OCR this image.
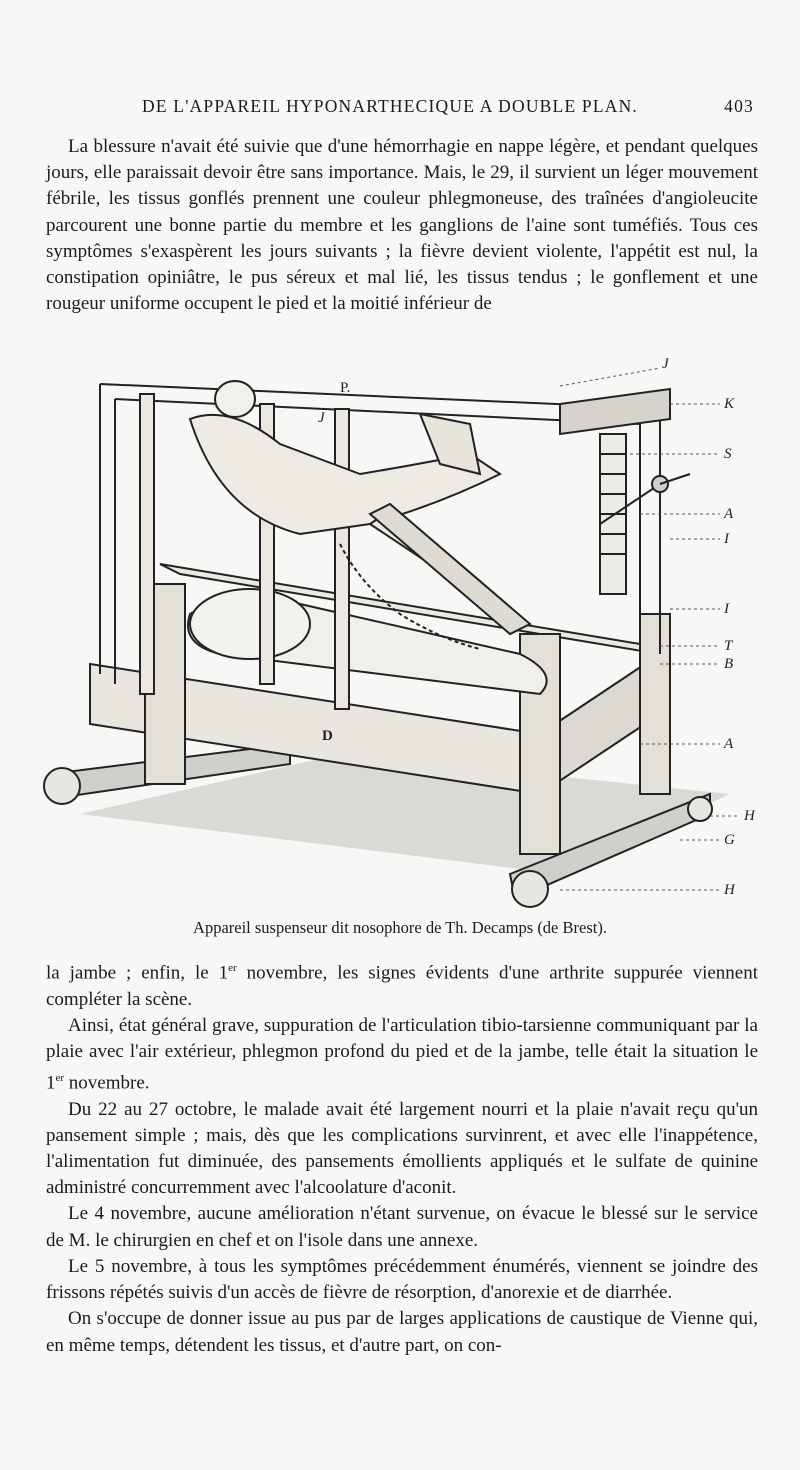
DE L'APPAREIL HYPONARTHECIQUE A DOUBLE PLAN.	403

La blessure n'avait été suivie que d'une hémorrhagie en nappe légère, et pendant quelques jours, elle paraissait devoir être sans importance. Mais, le 29, il survient un léger mouvement fébrile, les tissus gonflés prennent une couleur phlegmoneuse, des traînées d'angioleucite parcourent une bonne partie du membre et les ganglions de l'aine sont tuméfiés. Tous ces symptômes s'exaspèrent les jours suivants ; la fièvre devient violente, l'appétit est nul, la constipation opiniâtre, le pus séreux et mal lié, les tissus tendus ; le gonflement et une rougeur uniforme occupent le pied et la moitié inférieur de

J
K
S
A
I
I
T
B
A
H
G
H
D
P.
J
Appareil suspenseur dit nosophore de Th. Decamps (de Brest).

la jambe ; enfin, le 1er novembre, les signes évidents d'une arthrite suppurée viennent compléter la scène.

Ainsi, état général grave, suppuration de l'articulation tibio-tarsienne communiquant par la plaie avec l'air extérieur, phlegmon profond du pied et de la jambe, telle était la situation le 1er novembre.

Du 22 au 27 octobre, le malade avait été largement nourri et la plaie n'avait reçu qu'un pansement simple ; mais, dès que les complications survinrent, et avec elle l'inappétence, l'alimentation fut diminuée, des pansements émollients appliqués et le sulfate de quinine administré concurremment avec l'alcoolature d'aconit.

Le 4 novembre, aucune amélioration n'étant survenue, on évacue le blessé sur le service de M. le chirurgien en chef et on l'isole dans une annexe.

Le 5 novembre, à tous les symptômes précédemment énumérés, viennent se joindre des frissons répétés suivis d'un accès de fièvre de résorption, d'anorexie et de diarrhée.

On s'occupe de donner issue au pus par de larges applications de caustique de Vienne qui, en même temps, détendent les tissus, et d'autre part, on con-
